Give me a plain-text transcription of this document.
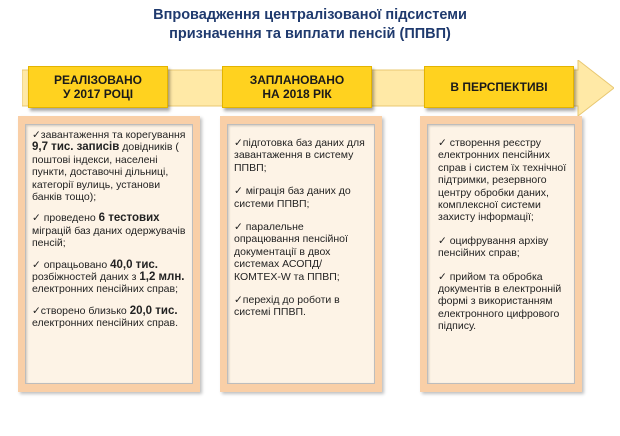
Впровадження централізованої підсистеми
призначення та виплати пенсій (ППВП)
РЕАЛІЗОВАНО
У 2017 РОЦІ
ЗАПЛАНОВАНО
НА 2018 РІК	В ПЕРСПЕКТИВІ
✓завантаження та корегування 9,7 тис. записів довідників ( поштові індекси, населені пункти, доставочні дільниці, категорії вулиць, установи банків тощо);
✓ проведено 6 тестових міграцій баз даних одержувачів пенсій;
✓ опрацьовано 40,0 тис. розбіжностей даних з 1,2 млн. електронних пенсійних справ;
✓створено близько 20,0 тис. електронних пенсійних справ.
✓підготовка баз даних для завантаження в систему ППВП;
✓ міграція баз даних до системи ППВП;
✓ паралельне опрацювання пенсійної документації в двох системах АСОПД/КОМТЕХ-W та ППВП;
✓перехід до роботи в системі ППВП.
✓ створення реєстру електронних пенсійних справ і систем їх технічної підтримки, резервного центру обробки даних, комплексної системи захисту інформації;
✓ оцифрування архіву пенсійних справ;
✓ прийом та обробка документів в електронній формі з використанням електронного цифрового підпису.
